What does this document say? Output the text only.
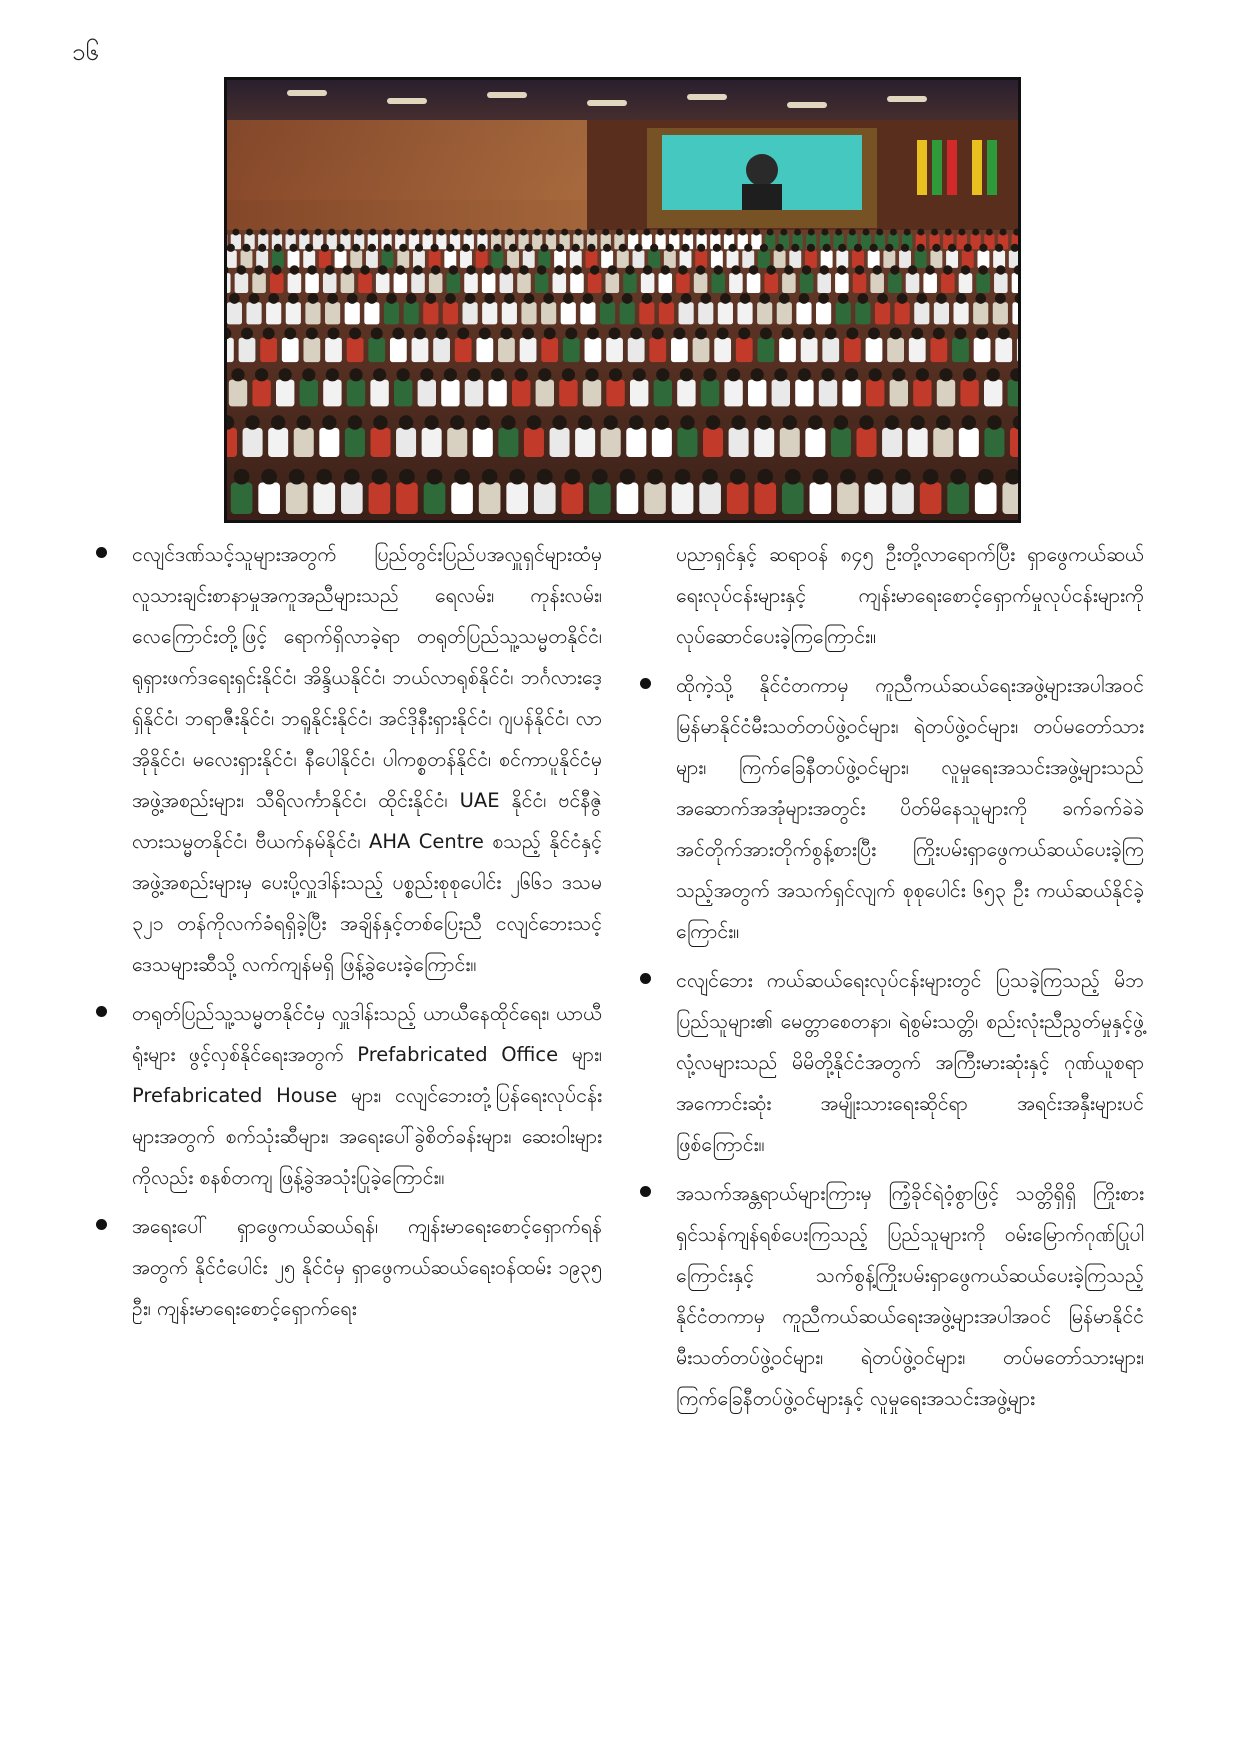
၁၆
ငလျင်ဒဏ်သင့်သူများအတွက် ပြည်တွင်းပြည်ပအလှူရှင်များထံမှ လူသားချင်းစာနာမှုအကူအညီများသည် ရေလမ်း၊ ကုန်းလမ်း၊ လေကြောင်းတို့ဖြင့် ရောက်ရှိလာခဲ့ရာ တရုတ်ပြည်သူ့သမ္မတနိုင်ငံ၊ ရုရှားဖက်ဒရေးရှင်းနိုင်ငံ၊ အိန္ဒိယနိုင်ငံ၊ ဘယ်လာရုစ်နိုင်ငံ၊ ဘင်္ဂလားဒေ့ရှ်နိုင်ငံ၊ ဘရာဇီးနိုင်ငံ၊ ဘရူနိုင်းနိုင်ငံ၊ အင်ဒိုနီးရှားနိုင်ငံ၊ ဂျပန်နိုင်ငံ၊ လာအိုနိုင်ငံ၊ မလေးရှားနိုင်ငံ၊ နီပေါနိုင်ငံ၊ ပါကစ္စတန်နိုင်ငံ၊ စင်ကာပူနိုင်ငံမှ အဖွဲ့အစည်းများ၊ သီရိလင်္ကာနိုင်ငံ၊ ထိုင်းနိုင်ငံ၊ UAE နိုင်ငံ၊ ဗင်နီဇွဲလားသမ္မတနိုင်ငံ၊ ဗီယက်နမ်နိုင်ငံ၊ AHA Centre စသည့် နိုင်ငံနှင့်အဖွဲ့အစည်းများမှ ပေးပို့လှူဒါန်းသည့် ပစ္စည်းစုစုပေါင်း ၂၆၆၁ ဒသမ ၃၂၁ တန်ကိုလက်ခံရရှိခဲ့ပြီး အချိန်နှင့်တစ်ပြေးညီ ငလျင်ဘေးသင့်ဒေသများဆီသို့ လက်ကျန်မရှိ ဖြန့်ခွဲပေးခဲ့ကြောင်း။
တရုတ်ပြည်သူ့သမ္မတနိုင်ငံမှ လှူဒါန်းသည့် ယာယီနေထိုင်ရေး၊ ယာယီရုံးများ ဖွင့်လှစ်နိုင်ရေးအတွက် Prefabricated Office များ၊ Prefabricated House များ၊ ငလျင်ဘေးတုံ့ပြန်ရေးလုပ်ငန်းများအတွက် စက်သုံးဆီများ၊ အရေးပေါ်ခွဲစိတ်ခန်းများ၊ ဆေးဝါးများကိုလည်း စနစ်တကျ ဖြန့်ခွဲအသုံးပြုခဲ့ကြောင်း။
အရေးပေါ် ရှာဖွေကယ်ဆယ်ရန်၊ ကျန်းမာရေးစောင့်ရှောက်ရန်အတွက် နိုင်ငံပေါင်း ၂၅ နိုင်ငံမှ ရှာဖွေကယ်ဆယ်ရေးဝန်ထမ်း ၁၉၃၅ ဦး၊ ကျန်းမာရေးစောင့်ရှောက်ရေး
ပညာရှင်နှင့် ဆရာဝန် ၈၄၅ ဦးတို့လာရောက်ပြီး ရှာဖွေကယ်ဆယ်ရေးလုပ်ငန်းများနှင့် ကျန်းမာရေးစောင့်ရှောက်မှုလုပ်ငန်းများကို လုပ်ဆောင်ပေးခဲ့ကြကြောင်း။
ထိုကဲ့သို့ နိုင်ငံတကာမှ ကူညီကယ်ဆယ်ရေးအဖွဲ့များအပါအဝင် မြန်မာနိုင်ငံမီးသတ်တပ်ဖွဲ့ဝင်များ၊ ရဲတပ်ဖွဲ့ဝင်များ၊ တပ်မတော်သားများ၊ ကြက်ခြေနီတပ်ဖွဲ့ဝင်များ၊ လူမှုရေးအသင်းအဖွဲ့များသည် အဆောက်အအုံများအတွင်း ပိတ်မိနေသူများကို ခက်ခက်ခဲခဲ အင်တိုက်အားတိုက်စွန့်စားပြီး ကြိုးပမ်းရှာဖွေကယ်ဆယ်ပေးခဲ့ကြသည့်အတွက် အသက်ရှင်လျက် စုစုပေါင်း ၆၅၃ ဦး ကယ်ဆယ်နိုင်ခဲ့ကြောင်း။
ငလျင်ဘေး ကယ်ဆယ်ရေးလုပ်ငန်းများတွင် ပြသခဲ့ကြသည့် မိဘပြည်သူများ၏ မေတ္တာစေတနာ၊ ရဲစွမ်းသတ္တိ၊ စည်းလုံးညီညွတ်မှုနှင့်ဖွဲ့လုံ့လများသည် မိမိတို့နိုင်ငံအတွက် အကြီးမားဆုံးနှင့် ဂုဏ်ယူစရာအကောင်းဆုံး အမျိုးသားရေးဆိုင်ရာ အရင်းအနှီးများပင်ဖြစ်ကြောင်း။
အသက်အန္တရာယ်များကြားမှ ကြံ့ခိုင်ရဲဝံ့စွာဖြင့် သတ္တိရှိရှိ ကြိုးစားရှင်သန်ကျန်ရစ်ပေးကြသည့် ပြည်သူများကို ဝမ်းမြောက်ဂုဏ်ပြုပါကြောင်းနှင့် သက်စွန့်ကြိုးပမ်းရှာဖွေကယ်ဆယ်ပေးခဲ့ကြသည့် နိုင်ငံတကာမှ ကူညီကယ်ဆယ်ရေးအဖွဲ့များအပါအဝင် မြန်မာနိုင်ငံ မီးသတ်တပ်ဖွဲ့ဝင်များ၊ ရဲတပ်ဖွဲ့ဝင်များ၊ တပ်မတော်သားများ၊ ကြက်ခြေနီတပ်ဖွဲ့ဝင်များနှင့် လူမှုရေးအသင်းအဖွဲ့များ
